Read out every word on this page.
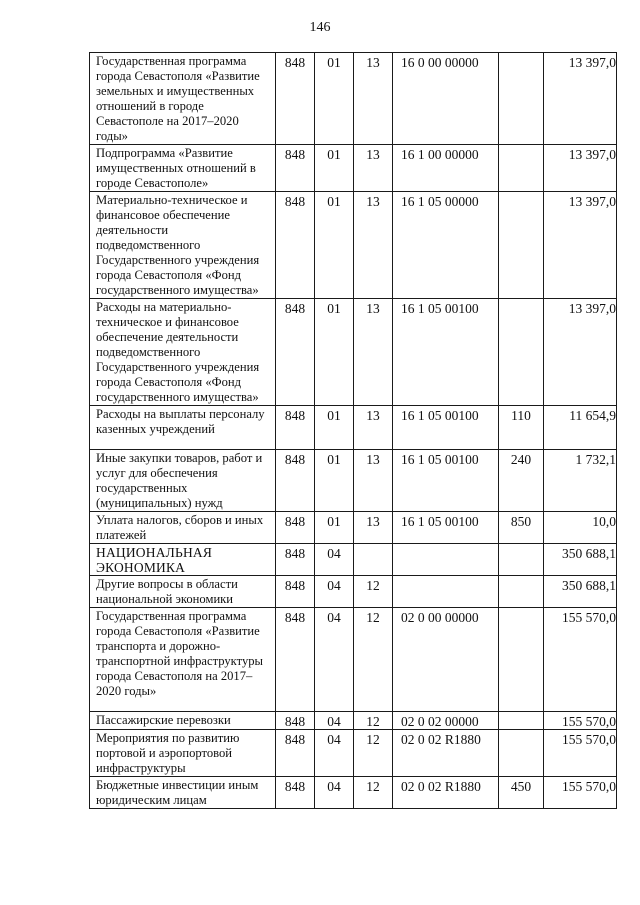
146
Государственная программа города Севастополя «Развитие земельных и имущественных отношений в городе Севастополе на 2017–2020 годы»	848	01	13	16 0 00 00000		13 397,0
Подпрограмма «Развитие имущественных отношений в городе Севастополе»	848	01	13	16 1 00 00000		13 397,0
Материально-техническое и финансовое обеспечение деятельности подведомственного Государственного учреждения города Севастополя «Фонд государственного имущества»	848	01	13	16 1 05 00000		13 397,0
Расходы на материально-техническое и финансовое обеспечение деятельности подведомственного Государственного учреждения города Севастополя «Фонд государственного имущества»	848	01	13	16 1 05 00100		13 397,0
Расходы на выплаты персоналу казенных учреждений	848	01	13	16 1 05 00100	110	11 654,9
Иные закупки товаров, работ и услуг для обеспечения государственных (муниципальных) нужд	848	01	13	16 1 05 00100	240	1 732,1
Уплата налогов, сборов и иных платежей	848	01	13	16 1 05 00100	850	10,0
НАЦИОНАЛЬНАЯ ЭКОНОМИКА	848	04				350 688,1
Другие вопросы в области национальной экономики	848	04	12			350 688,1
Государственная программа города Севастополя «Развитие транспорта и дорожно-транспортной инфраструктуры города Севастополя на 2017–2020 годы»	848	04	12	02 0 00 00000		155 570,0
Пассажирские перевозки	848	04	12	02 0 02 00000		155 570,0
Мероприятия по развитию портовой и аэропортовой инфраструктуры	848	04	12	02 0 02 R1880		155 570,0
Бюджетные инвестиции иным юридическим лицам	848	04	12	02 0 02 R1880	450	155 570,0
